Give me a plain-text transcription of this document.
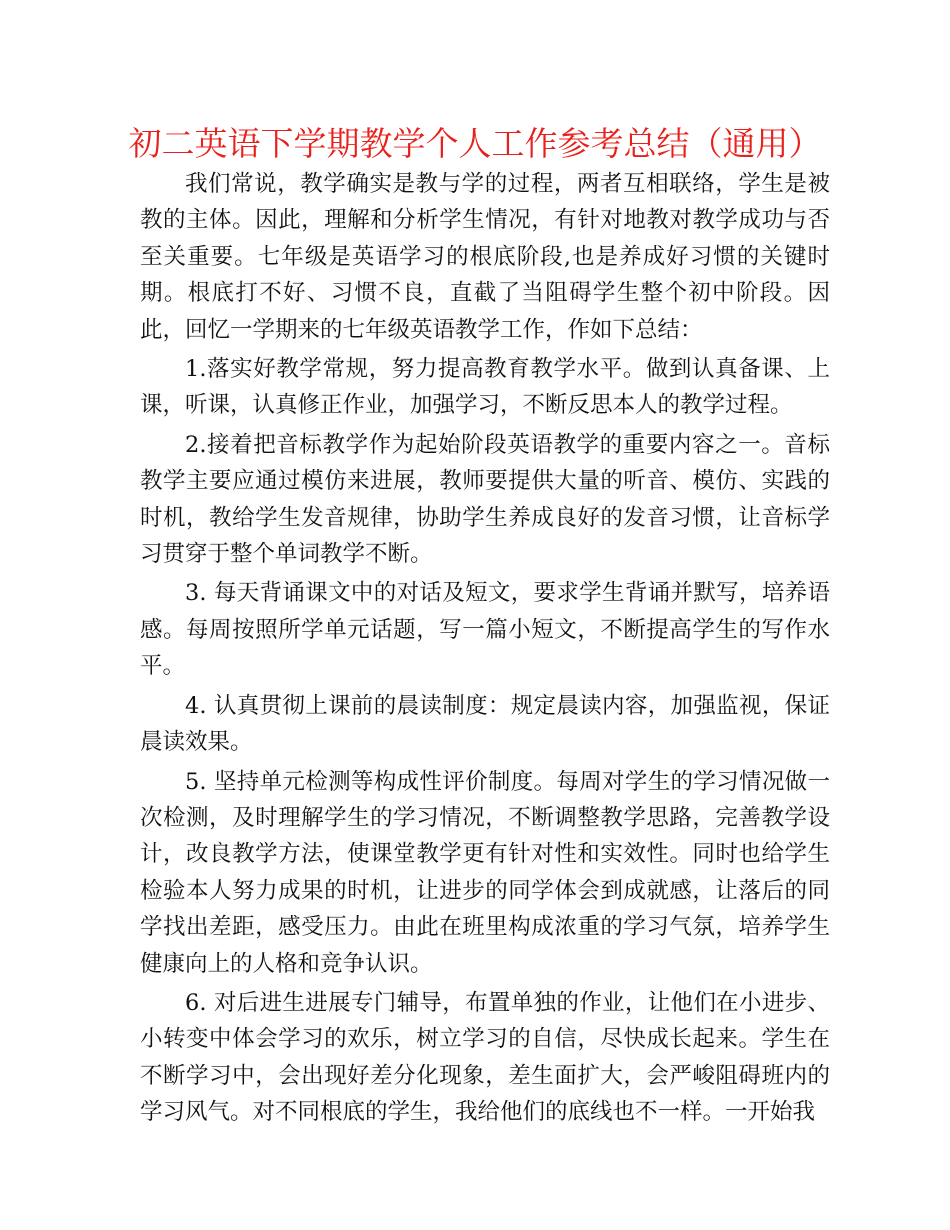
初二英语下学期教学个人工作参考总结（通用）

我们常说，教学确实是教与学的过程，两者互相联络，学生是被教的主体。因此，理解和分析学生情况，有针对地教对教学成功与否至关重要。七年级是英语学习的根底阶段,也是养成好习惯的关键时期。根底打不好、习惯不良，直截了当阻碍学生整个初中阶段。因此，回忆一学期来的七年级英语教学工作，作如下总结：

1.落实好教学常规，努力提高教育教学水平。做到认真备课、上课，听课，认真修正作业，加强学习，不断反思本人的教学过程。

2.接着把音标教学作为起始阶段英语教学的重要内容之一。音标教学主要应通过模仿来进展，教师要提供大量的听音、模仿、实践的时机，教给学生发音规律，协助学生养成良好的发音习惯，让音标学习贯穿于整个单词教学不断。

3. 每天背诵课文中的对话及短文，要求学生背诵并默写，培养语感。每周按照所学单元话题，写一篇小短文，不断提高学生的写作水平。

4. 认真贯彻上课前的晨读制度：规定晨读内容，加强监视，保证晨读效果。

5. 坚持单元检测等构成性评价制度。每周对学生的学习情况做一次检测，及时理解学生的学习情况，不断调整教学思路，完善教学设计，改良教学方法，使课堂教学更有针对性和实效性。同时也给学生检验本人努力成果的时机，让进步的同学体会到成就感，让落后的同学找出差距，感受压力。由此在班里构成浓重的学习气氛，培养学生健康向上的人格和竞争认识。

6. 对后进生进展专门辅导，布置单独的作业，让他们在小进步、小转变中体会学习的欢乐，树立学习的自信，尽快成长起来。学生在不断学习中，会出现好差分化现象，差生面扩大，会严峻阻碍班内的学习风气。对不同根底的学生，我给他们的底线也不一样。一开始我
